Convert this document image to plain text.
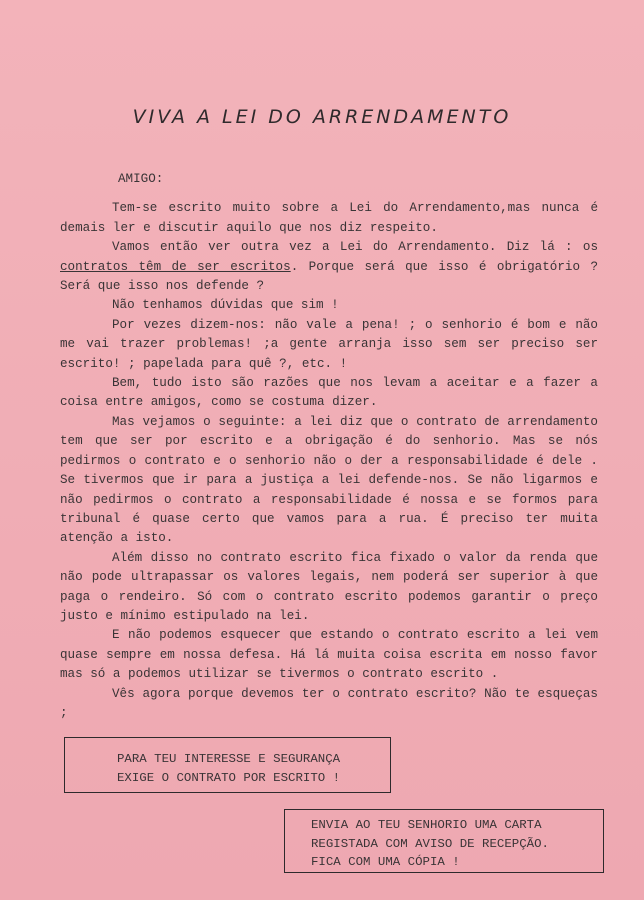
VIVA A LEI DO ARRENDAMENTO

AMIGO:

Tem-se escrito muito sobre a Lei do Arrendamento,mas nunca é demais ler e discutir aquilo que nos diz respeito.

Vamos então ver outra vez a Lei do Arrendamento. Diz lá : os contratos têm de ser escritos. Porque será que isso é obrigatório ? Será que isso nos defende ?

Não tenhamos dúvidas que sim !

Por vezes dizem-nos: não vale a pena! ; o senhorio é bom e não me vai trazer problemas! ;a gente arranja isso sem ser preciso ser escrito! ; papelada para quê ?, etc. !

Bem, tudo isto são razões que nos levam a aceitar e a fazer a coisa entre amigos, como se costuma dizer.

Mas vejamos o seguinte: a lei diz que o contrato de arrendamento tem que ser por escrito e a obrigação é do senhorio. Mas se nós pedirmos o contrato e o senhorio não o der a responsabilidade é dele . Se tivermos que ir para a justiça a lei defende-nos. Se não ligarmos e não pedirmos o contrato a responsabilidade é nossa e se formos para tribunal é quase certo que vamos para a rua. É preciso ter muita atenção a isto.

Além disso no contrato escrito fica fixado o valor da renda que não pode ultrapassar os valores legais, nem poderá ser superior à que paga o rendeiro. Só com o contrato escrito podemos garantir o preço justo e mínimo estipulado na lei.

E não podemos esquecer que estando o contrato escrito a lei vem quase sempre em nossa defesa. Há lá muita coisa escrita em nosso favor mas só a podemos utilizar se tivermos o contrato escrito .

Vês agora porque devemos ter o contrato escrito? Não te esqueças ;

PARA TEU INTERESSE E SEGURANÇA
EXIGE O CONTRATO POR ESCRITO !
ENVIA AO TEU SENHORIO UMA CARTA
REGISTADA COM AVISO DE RECEPÇÃO.
FICA COM UMA CÓPIA !
